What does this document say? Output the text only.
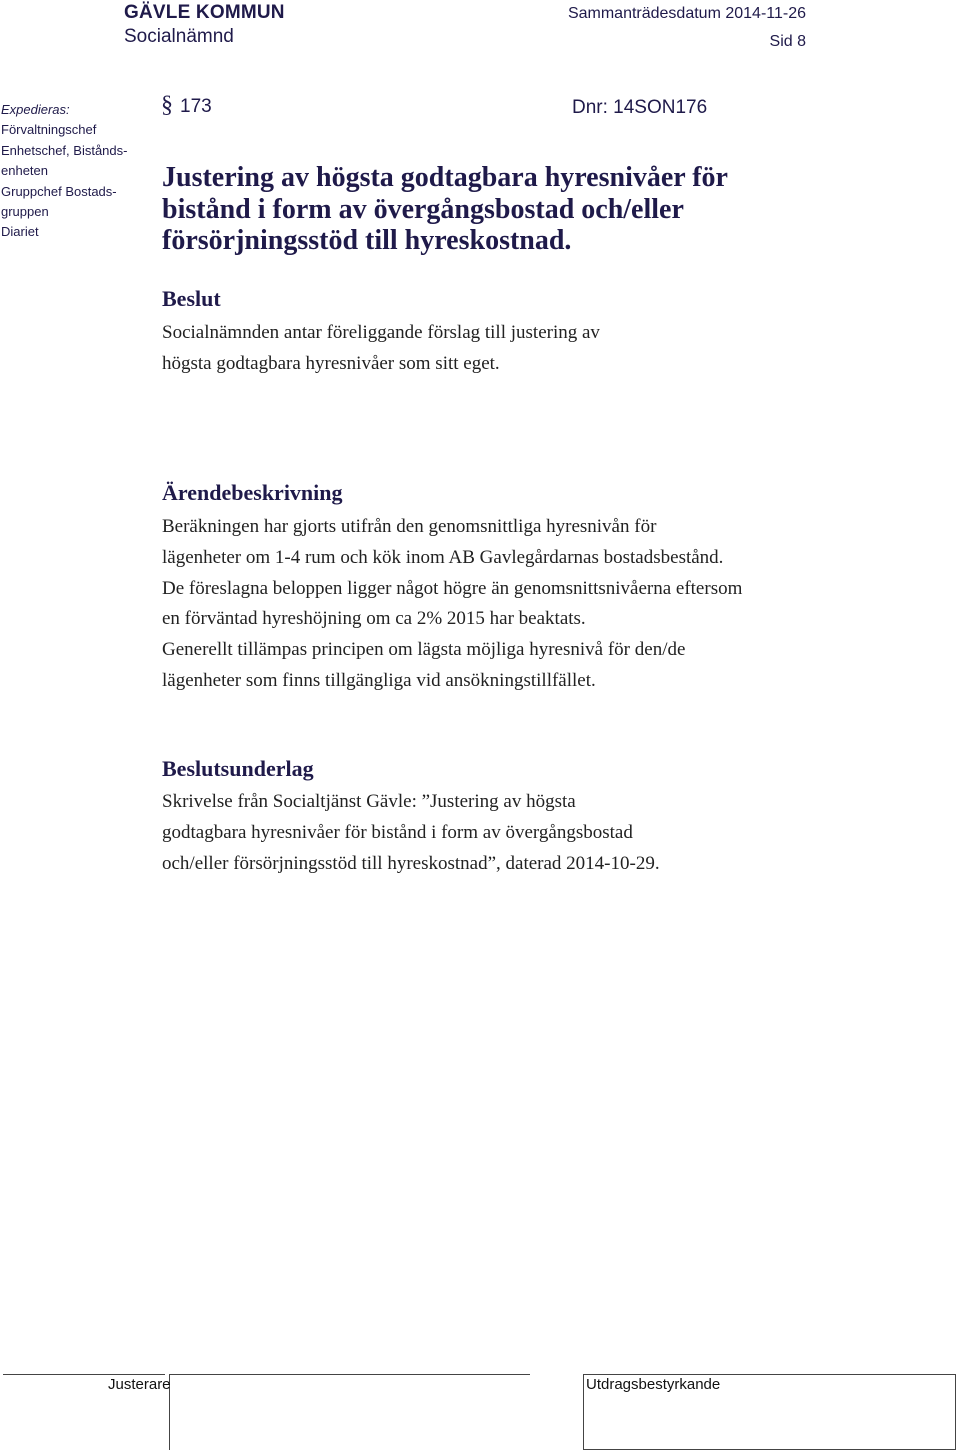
GÄVLE KOMMUN
Socialnämnd
Sammanträdesdatum 2014-11-26
Sid 8
Expedieras:
Förvaltningschef
Enhetschef, Bistånds-
enheten
Gruppchef Bostads-
gruppen
Diariet
§ 173	Dnr: 14SON176
Justering av högsta godtagbara hyresnivåer för
bistånd i form av övergångsbostad och/eller
försörjningsstöd till hyreskostnad.
Beslut
Socialnämnden antar föreliggande förslag till justering av
högsta godtagbara hyresnivåer som sitt eget.
Ärendebeskrivning
Beräkningen har gjorts utifrån den genomsnittliga hyresnivån för
lägenheter om 1-4 rum och kök inom AB Gavlegårdarnas bostadsbestånd.
De föreslagna beloppen ligger något högre än genomsnittsnivåerna eftersom
en förväntad hyreshöjning om ca 2% 2015 har beaktats.
Generellt tillämpas principen om lägsta möjliga hyresnivå för den/de
lägenheter som finns tillgängliga vid ansökningstillfället.
Beslutsunderlag
Skrivelse från Socialtjänst Gävle: ”Justering av högsta
godtagbara hyresnivåer för bistånd i form av övergångsbostad
och/eller försörjningsstöd till hyreskostnad”, daterad 2014-10-29.
Justerare	Utdragsbestyrkande
